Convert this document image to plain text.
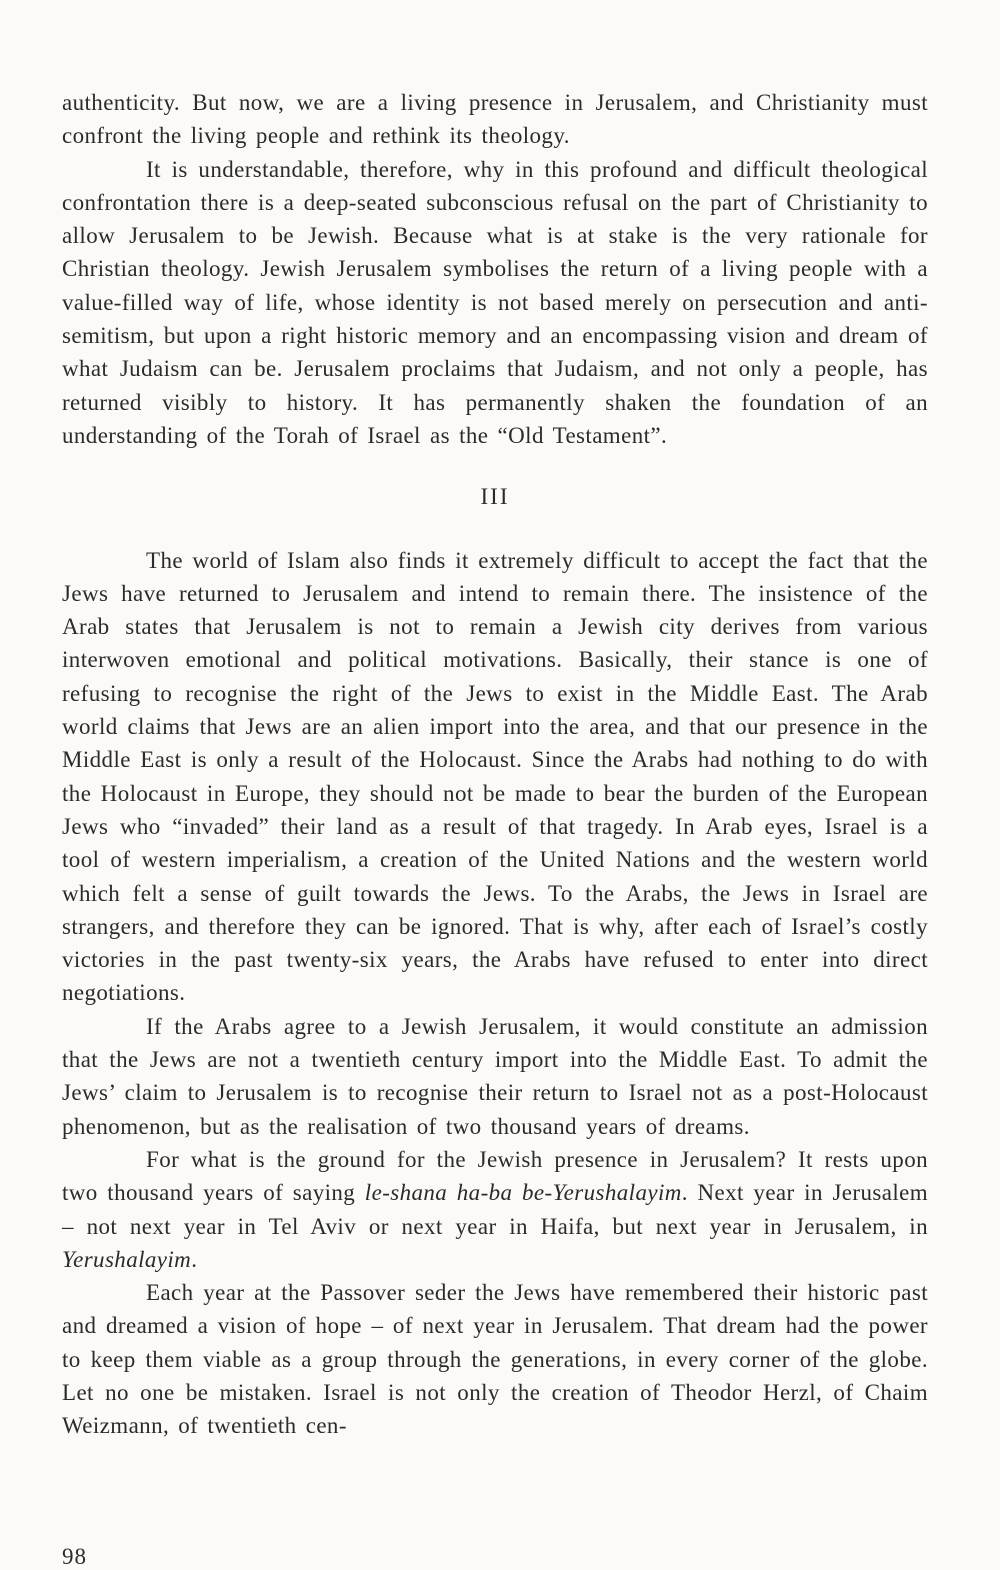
authenticity. But now, we are a living presence in Jerusalem, and Christianity must confront the living people and rethink its theology.

It is understandable, therefore, why in this profound and difficult theological confrontation there is a deep-seated subconscious refusal on the part of Christianity to allow Jerusalem to be Jewish. Because what is at stake is the very rationale for Christian theology. Jewish Jerusalem symbolises the return of a living people with a value-filled way of life, whose identity is not based merely on persecution and anti-semitism, but upon a right historic memory and an encompassing vision and dream of what Judaism can be. Jerusalem proclaims that Judaism, and not only a people, has returned visibly to history. It has permanently shaken the foundation of an understanding of the Torah of Israel as the “Old Testament”.

III

The world of Islam also finds it extremely difficult to accept the fact that the Jews have returned to Jerusalem and intend to remain there. The insistence of the Arab states that Jerusalem is not to remain a Jewish city derives from various interwoven emotional and political motivations. Basically, their stance is one of refusing to recognise the right of the Jews to exist in the Middle East. The Arab world claims that Jews are an alien import into the area, and that our presence in the Middle East is only a result of the Holocaust. Since the Arabs had nothing to do with the Holocaust in Europe, they should not be made to bear the burden of the European Jews who “invaded” their land as a result of that tragedy. In Arab eyes, Israel is a tool of western imperialism, a creation of the United Nations and the western world which felt a sense of guilt towards the Jews. To the Arabs, the Jews in Israel are strangers, and therefore they can be ignored. That is why, after each of Israel’s costly victories in the past twenty-six years, the Arabs have refused to enter into direct negotiations.

If the Arabs agree to a Jewish Jerusalem, it would constitute an admission that the Jews are not a twentieth century import into the Middle East. To admit the Jews’ claim to Jerusalem is to recognise their return to Israel not as a post-Holocaust phenomenon, but as the realisation of two thousand years of dreams.

For what is the ground for the Jewish presence in Jerusalem? It rests upon two thousand years of saying le-shana ha-ba be-Yerushalayim. Next year in Jerusalem – not next year in Tel Aviv or next year in Haifa, but next year in Jerusalem, in Yerushalayim.

Each year at the Passover seder the Jews have remembered their historic past and dreamed a vision of hope – of next year in Jerusalem. That dream had the power to keep them viable as a group through the generations, in every corner of the globe. Let no one be mistaken. Israel is not only the creation of Theodor Herzl, of Chaim Weizmann, of twentieth cen-

98
